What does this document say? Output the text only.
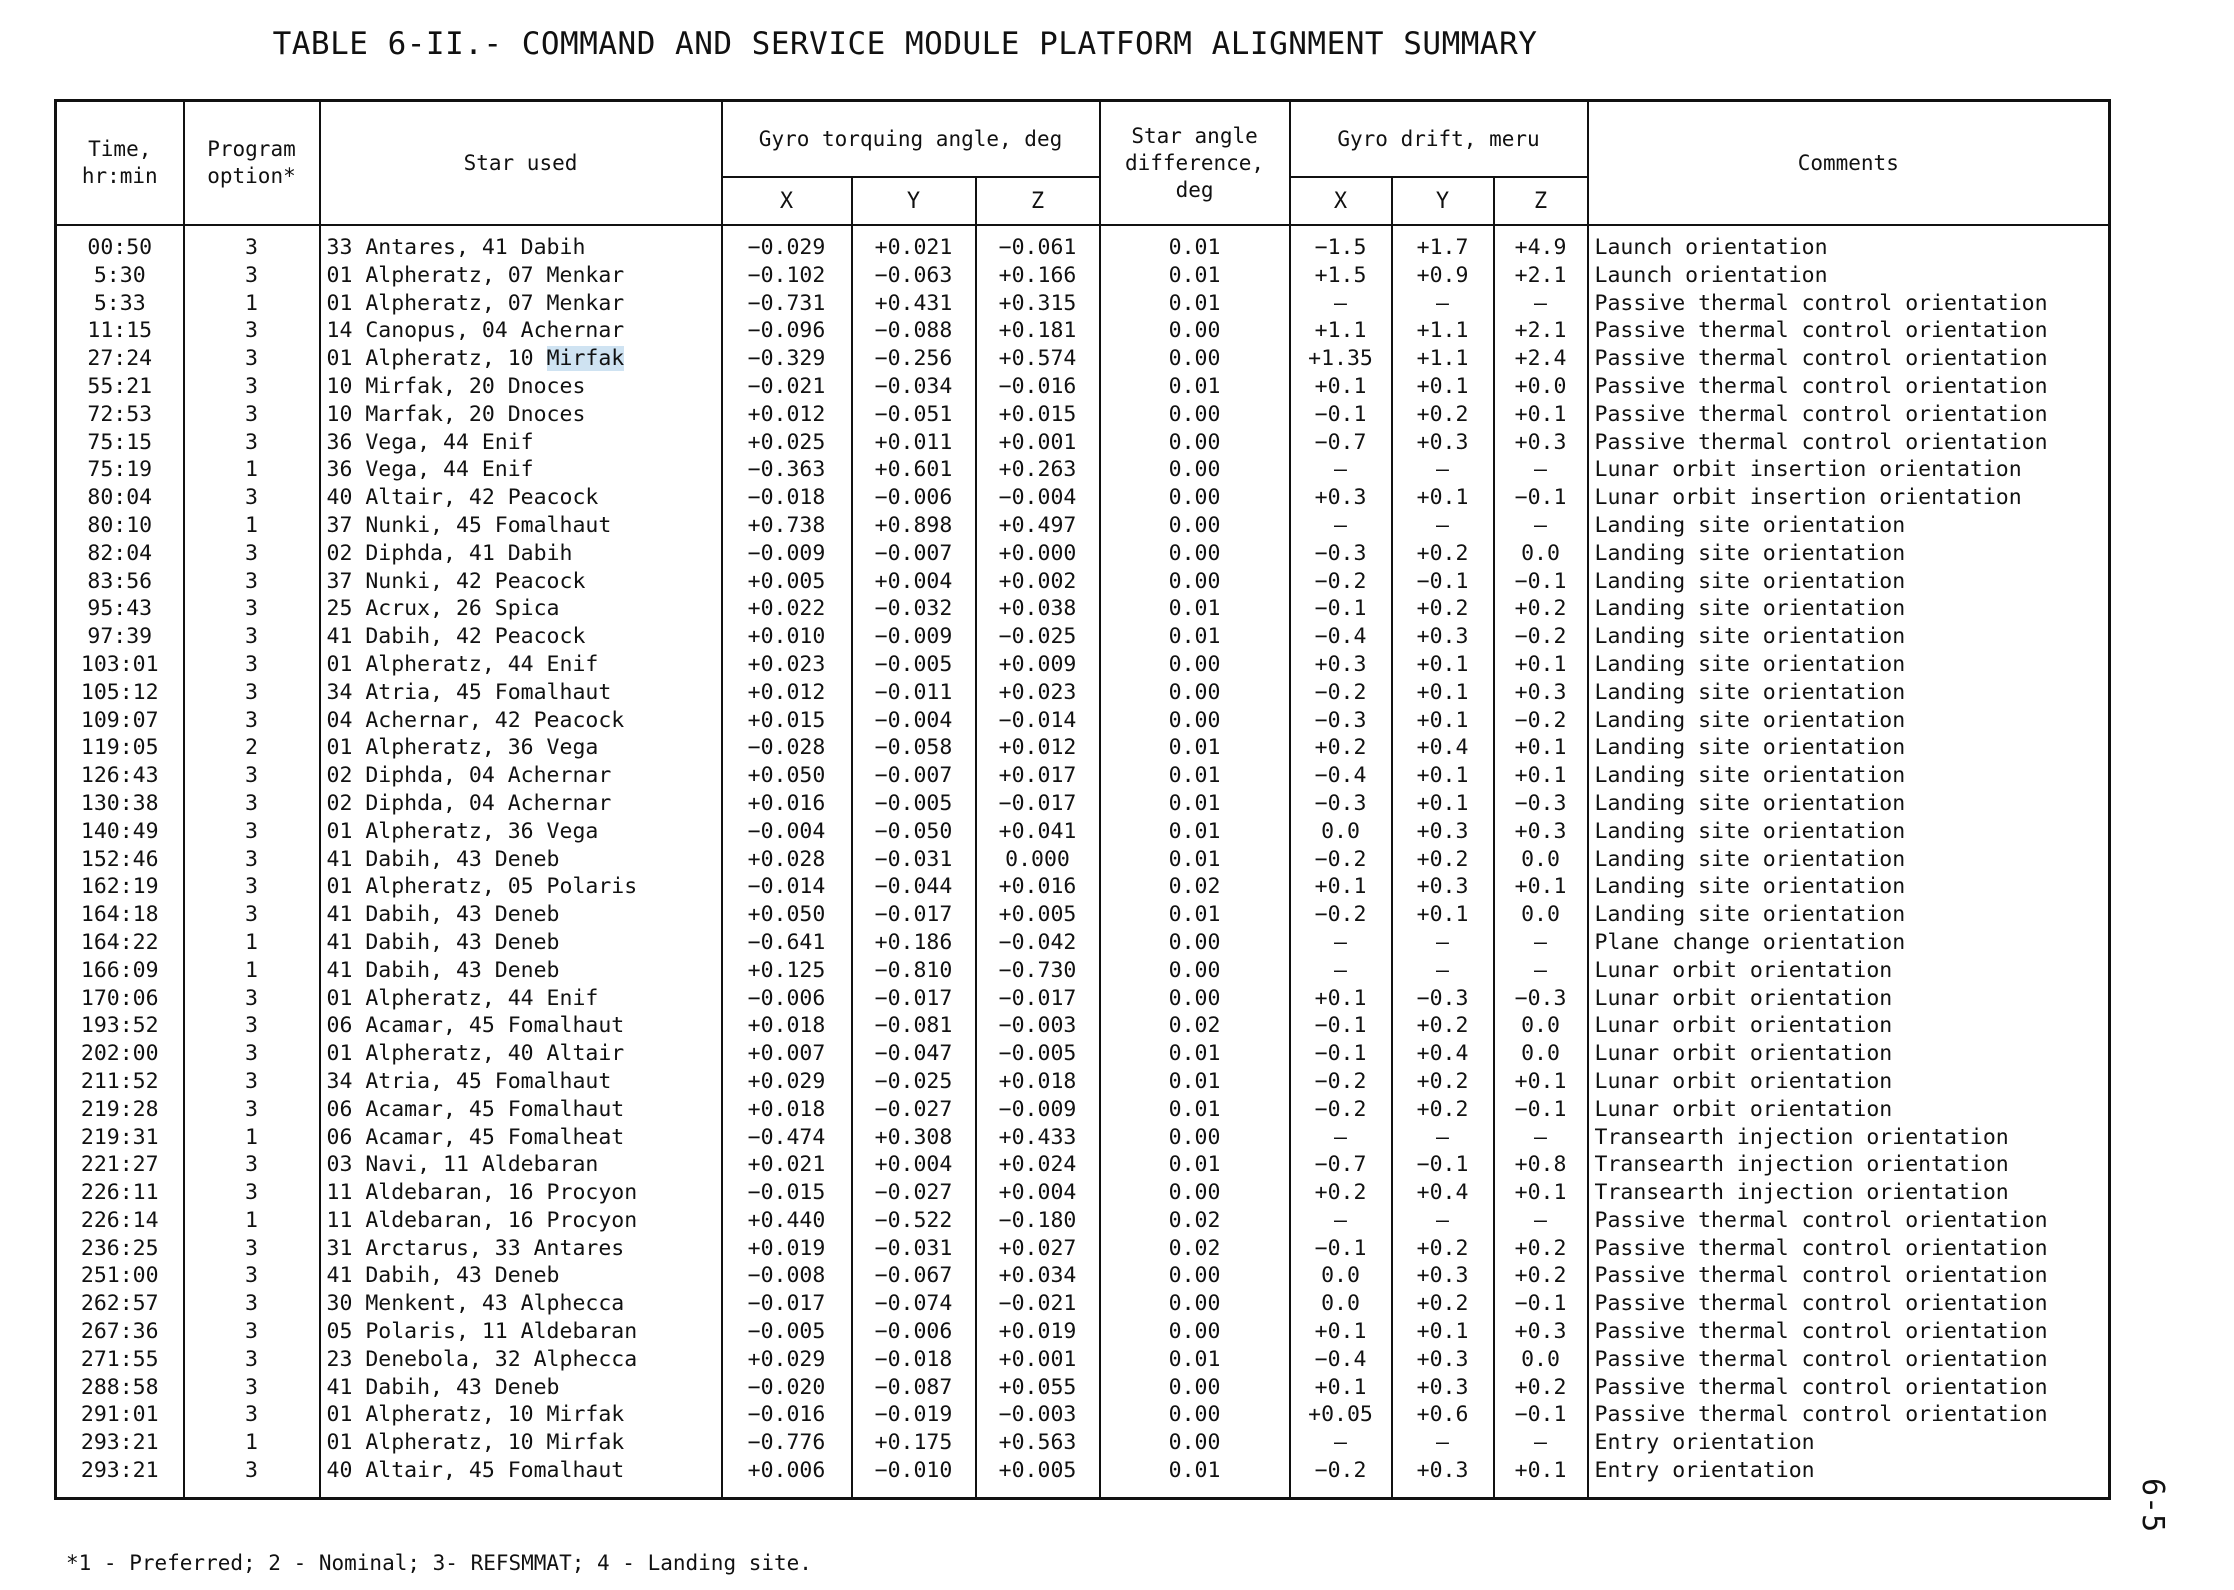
TABLE 6-II.- COMMAND AND SERVICE MODULE PLATFORM ALIGNMENT SUMMARY
Time, hr:min	Program option*	Star used	Gyro torquing angle, deg			Star angle difference, deg	Gyro drift, meru			Comments
			X	Y	Z		X	Y	Z	
00:50	3	33 Antares, 41 Dabih	−0.029	+0.021	−0.061	0.01	−1.5	+1.7	+4.9	Launch orientation
5:30	3	01 Alpheratz, 07 Menkar	−0.102	−0.063	+0.166	0.01	+1.5	+0.9	+2.1	Launch orientation
5:33	1	01 Alpheratz, 07 Menkar	−0.731	+0.431	+0.315	0.01	—	—	—	Passive thermal control orientation
11:15	3	14 Canopus, 04 Achernar	−0.096	−0.088	+0.181	0.00	+1.1	+1.1	+2.1	Passive thermal control orientation
27:24	3	01 Alpheratz, 10 Mirfak	−0.329	−0.256	+0.574	0.00	+1.35	+1.1	+2.4	Passive thermal control orientation
55:21	3	10 Mirfak, 20 Dnoces	−0.021	−0.034	−0.016	0.01	+0.1	+0.1	+0.0	Passive thermal control orientation
72:53	3	10 Marfak, 20 Dnoces	+0.012	−0.051	+0.015	0.00	−0.1	+0.2	+0.1	Passive thermal control orientation
75:15	3	36 Vega, 44 Enif	+0.025	+0.011	+0.001	0.00	−0.7	+0.3	+0.3	Passive thermal control orientation
75:19	1	36 Vega, 44 Enif	−0.363	+0.601	+0.263	0.00	—	—	—	Lunar orbit insertion orientation
80:04	3	40 Altair, 42 Peacock	−0.018	−0.006	−0.004	0.00	+0.3	+0.1	−0.1	Lunar orbit insertion orientation
80:10	1	37 Nunki, 45 Fomalhaut	+0.738	+0.898	+0.497	0.00	—	—	—	Landing site orientation
82:04	3	02 Diphda, 41 Dabih	−0.009	−0.007	+0.000	0.00	−0.3	+0.2	0.0	Landing site orientation
83:56	3	37 Nunki, 42 Peacock	+0.005	+0.004	+0.002	0.00	−0.2	−0.1	−0.1	Landing site orientation
95:43	3	25 Acrux, 26 Spica	+0.022	−0.032	+0.038	0.01	−0.1	+0.2	+0.2	Landing site orientation
97:39	3	41 Dabih, 42 Peacock	+0.010	−0.009	−0.025	0.01	−0.4	+0.3	−0.2	Landing site orientation
103:01	3	01 Alpheratz, 44 Enif	+0.023	−0.005	+0.009	0.00	+0.3	+0.1	+0.1	Landing site orientation
105:12	3	34 Atria, 45 Fomalhaut	+0.012	−0.011	+0.023	0.00	−0.2	+0.1	+0.3	Landing site orientation
109:07	3	04 Achernar, 42 Peacock	+0.015	−0.004	−0.014	0.00	−0.3	+0.1	−0.2	Landing site orientation
119:05	2	01 Alpheratz, 36 Vega	−0.028	−0.058	+0.012	0.01	+0.2	+0.4	+0.1	Landing site orientation
126:43	3	02 Diphda, 04 Achernar	+0.050	−0.007	+0.017	0.01	−0.4	+0.1	+0.1	Landing site orientation
130:38	3	02 Diphda, 04 Achernar	+0.016	−0.005	−0.017	0.01	−0.3	+0.1	−0.3	Landing site orientation
140:49	3	01 Alpheratz, 36 Vega	−0.004	−0.050	+0.041	0.01	0.0	+0.3	+0.3	Landing site orientation
152:46	3	41 Dabih, 43 Deneb	+0.028	−0.031	0.000	0.01	−0.2	+0.2	0.0	Landing site orientation
162:19	3	01 Alpheratz, 05 Polaris	−0.014	−0.044	+0.016	0.02	+0.1	+0.3	+0.1	Landing site orientation
164:18	3	41 Dabih, 43 Deneb	+0.050	−0.017	+0.005	0.01	−0.2	+0.1	0.0	Landing site orientation
164:22	1	41 Dabih, 43 Deneb	−0.641	+0.186	−0.042	0.00	—	—	—	Plane change orientation
166:09	1	41 Dabih, 43 Deneb	+0.125	−0.810	−0.730	0.00	—	—	—	Lunar orbit orientation
170:06	3	01 Alpheratz, 44 Enif	−0.006	−0.017	−0.017	0.00	+0.1	−0.3	−0.3	Lunar orbit orientation
193:52	3	06 Acamar, 45 Fomalhaut	+0.018	−0.081	−0.003	0.02	−0.1	+0.2	0.0	Lunar orbit orientation
202:00	3	01 Alpheratz, 40 Altair	+0.007	−0.047	−0.005	0.01	−0.1	+0.4	0.0	Lunar orbit orientation
211:52	3	34 Atria, 45 Fomalhaut	+0.029	−0.025	+0.018	0.01	−0.2	+0.2	+0.1	Lunar orbit orientation
219:28	3	06 Acamar, 45 Fomalhaut	+0.018	−0.027	−0.009	0.01	−0.2	+0.2	−0.1	Lunar orbit orientation
219:31	1	06 Acamar, 45 Fomalheat	−0.474	+0.308	+0.433	0.00	—	—	—	Transearth injection orientation
221:27	3	03 Navi, 11 Aldebaran	+0.021	+0.004	+0.024	0.01	−0.7	−0.1	+0.8	Transearth injection orientation
226:11	3	11 Aldebaran, 16 Procyon	−0.015	−0.027	+0.004	0.00	+0.2	+0.4	+0.1	Transearth injection orientation
226:14	1	11 Aldebaran, 16 Procyon	+0.440	−0.522	−0.180	0.02	—	—	—	Passive thermal control orientation
236:25	3	31 Arctarus, 33 Antares	+0.019	−0.031	+0.027	0.02	−0.1	+0.2	+0.2	Passive thermal control orientation
251:00	3	41 Dabih, 43 Deneb	−0.008	−0.067	+0.034	0.00	0.0	+0.3	+0.2	Passive thermal control orientation
262:57	3	30 Menkent, 43 Alphecca	−0.017	−0.074	−0.021	0.00	0.0	+0.2	−0.1	Passive thermal control orientation
267:36	3	05 Polaris, 11 Aldebaran	−0.005	−0.006	+0.019	0.00	+0.1	+0.1	+0.3	Passive thermal control orientation
271:55	3	23 Denebola, 32 Alphecca	+0.029	−0.018	+0.001	0.01	−0.4	+0.3	0.0	Passive thermal control orientation
288:58	3	41 Dabih, 43 Deneb	−0.020	−0.087	+0.055	0.00	+0.1	+0.3	+0.2	Passive thermal control orientation
291:01	3	01 Alpheratz, 10 Mirfak	−0.016	−0.019	−0.003	0.00	+0.05	+0.6	−0.1	Passive thermal control orientation
293:21	1	01 Alpheratz, 10 Mirfak	−0.776	+0.175	+0.563	0.00	—	—	—	Entry orientation
293:21	3	40 Altair, 45 Fomalhaut	+0.006	−0.010	+0.005	0.01	−0.2	+0.3	+0.1	Entry orientation
*1 - Preferred; 2 - Nominal; 3- REFSMMAT; 4 - Landing site.
6-5
